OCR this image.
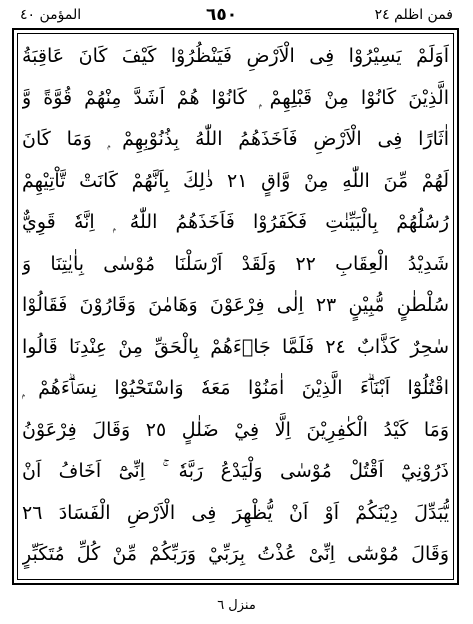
المؤمن ٤٠	٦٥٠	فمن اظلم ٢٤
اَوَلَمْ يَسِيْرُوْا فِى الْاَرْضِ فَيَنْظُرُوْا كَيْفَ كَانَ عَاقِبَةُ
الَّذِيْنَ كَانُوْا مِنْ قَبْلِهِمْ ۭ كَانُوْا هُمْ اَشَدَّ مِنْهُمْ قُوَّةً وَّ
اٰثَارًا فِى الْاَرْضِ فَاَخَذَهُمُ اللّٰهُ بِذُنُوْبِهِمْ ۭ وَمَا كَانَ
لَهُمْ مِّنَ اللّٰهِ مِنْ وَّاقٍ ٢١ ذٰلِكَ بِاَنَّهُمْ كَانَتْ تَّاْتِيْهِمْ
رُسُلُهُمْ بِالْبَيِّنٰتِ فَكَفَرُوْا فَاَخَذَهُمُ اللّٰهُ ۭ اِنَّهٗ قَوِيٌّ
شَدِيْدُ الْعِقَابِ ٢٢ وَلَقَدْ اَرْسَلْنَا مُوْسٰى بِاٰيٰتِنَا وَ
سُلْطٰنٍ مُّبِيْنٍ ٢٣ اِلٰى فِرْعَوْنَ وَهَامٰنَ وَقَارُوْنَ فَقَالُوْا
سٰحِرٌ كَذَّابٌ ٢٤ فَلَمَّا جَاۗءَهُمْ بِالْحَقِّ مِنْ عِنْدِنَا قَالُوا
اقْتُلُوْٓا اَبْنَاۗءَ الَّذِيْنَ اٰمَنُوْا مَعَهٗ وَاسْتَحْيُوْا نِسَاۗءَهُمْ ۭ
وَمَا كَيْدُ الْكٰفِرِيْنَ اِلَّا فِيْ ضَلٰلٍ ٢٥ وَقَالَ فِرْعَوْنُ
ذَرُوْنِيْٓ اَقْتُلْ مُوْسٰى وَلْيَدْعُ رَبَّهٗ ۚ اِنِّىْٓ اَخَافُ اَنْ
يُّبَدِّلَ دِيْنَكُمْ اَوْ اَنْ يُّظْهِرَ فِى الْاَرْضِ الْفَسَادَ ٢٦
وَقَالَ مُوْسٰٓى اِنِّىْ عُذْتُ بِرَبِّيْ وَرَبِّكُمْ مِّنْ كُلِّ مُتَكَبِّرٍ
منزل ٦
